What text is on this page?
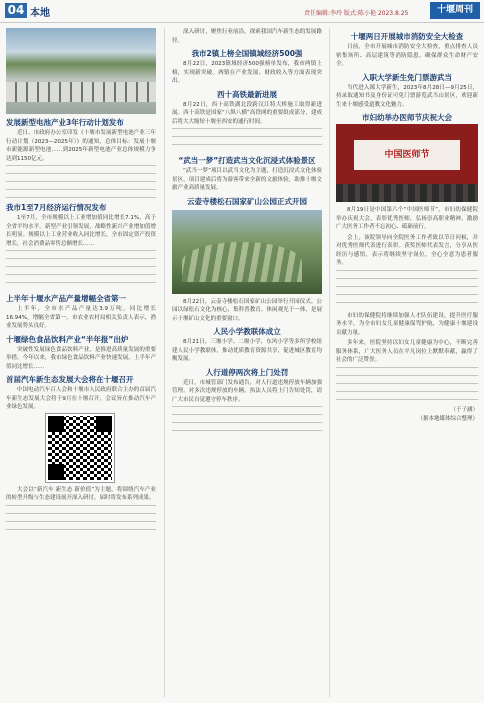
04 本地	责任编辑:李玲 版式:陈小艳 2023.8.25	十堰周刊
发展新型电池产业3年行动计划发布

近日，市政府办公室印发《十堰市发展新型电池产业三年行动计划（2023—2025年）》的通知，总体目标：发展十堰市新能源新型电池……到2025年新型电池产业总体规模力争达到1150亿元。

我市1至7月经济运行情况发布

1至7月，全市规模以上工业增加值同比增长7.1%，高于全省平均水平。新型产业引领发展，战略性新兴产业增加值增长明显。规模以上工业营业收入同比增长，全市固定资产投资增长，社会消费品零售总额增长……

上半年十堰水产品产量增幅全省第一

上半年，全市水产品产量达3.9万吨，同比增长16.94%，增幅全省第一。市农业农村局相关负责人表示，渔业发展势头良好。

十堰绿色食品饮料产业“半年报”出炉

突破性发展绿色食品饮料产业，是推进高质量发展的重要举措。今年以来，我市绿色食品饮料产业快速发展，上半年产值同比增长……

首届汽车新生态发展大会将在十堰召开

中国电动汽车百人会和十堰市人民政府联合主办的首届汽车新生态发展大会将于9月在十堰召开，会议旨在推动汽车产业绿色发展。

大会以“新汽车 新生态 新价值”为主题，将围绕汽车产业的转型升级与生态建设展开深入研讨，届时将发布系列成果。

深入研讨，聚焦行业前沿，探索我国汽车新生态的发展路径。

我市2镇上榜全国镇域经济500强

8月22日，2023镇域经济500强榜单发布，我市两镇上榜，实现新突破。两镇在产业发展、财政收入等方面表现突出。

西十高铁最新进展

8月22日，西十高铁湖北段跨汉江特大桥施工取得新进展。西十高铁是国家“八纵八横”高铁网的重要组成部分，建成后将大大缩短十堰至西安的通行时间。

“武当一梦”打造武当文化沉浸式体验景区

“武当一梦”项目以武当文化为主题，打造沉浸式文化体验景区，项目建成后将为游客带来全新的文旅体验，助推十堰文旅产业高质量发展。

云壶寺楼松石国家矿山公园正式开园

8月22日，云壶寺楼松石国家矿山公园举行开园仪式。公园以绿松石文化为核心，集科普教育、休闲观光于一体，是展示十堰矿山文化的重要窗口。

人民小学教联体成立

8月21日，三堰小学、二堰小学、东风小学等多所学校组建人民小学教联体，推动优质教育资源共享，促进城区教育均衡发展。

人行道停两次将上门处罚

近日，市城管部门发布通告，对人行道违规停放车辆加强管理，对多次违规停放的车辆，执法人员将上门告知处罚，请广大市民自觉遵守停车秩序。

十堰两日开展城市消防安全大检查

日前，全市开展城市消防安全大检查，重点排查人员密集场所、高层建筑等消防隐患，确保群众生命财产安全。

入职大学新生免门票游武当

当代进入郧大学新生，2023年8月28日—9月25日，持录取通知书及身份证可免门票游览武当山景区，欢迎新生来十堰感受道教文化魅力。

市妇幼举办医师节庆祝大会
中国医师节

8月19日是中国第六个“中国医师节”，市妇幼保健院举办庆祝大会，表彰优秀医师，弘扬崇高职业精神，激励广大医务工作者不忘初心、砥砺前行。

会上，该院领导向全院医务工作者致以节日问候，并对优秀医师代表进行表彰。获奖医师代表发言，分享从医经历与感悟，表示将继续坚守岗位，全心全意为患者服务。

市妇幼保健院将继续加强人才队伍建设，提升医疗服务水平，为全市妇女儿童健康保驾护航，为健康十堰建设贡献力量。

多年来，医院坚持以妇女儿童健康为中心，不断完善服务体系，广大医务人员在平凡岗位上默默奉献，赢得了社会的广泛赞誉。

（于子涵）
（据本地媒体综合整理）
